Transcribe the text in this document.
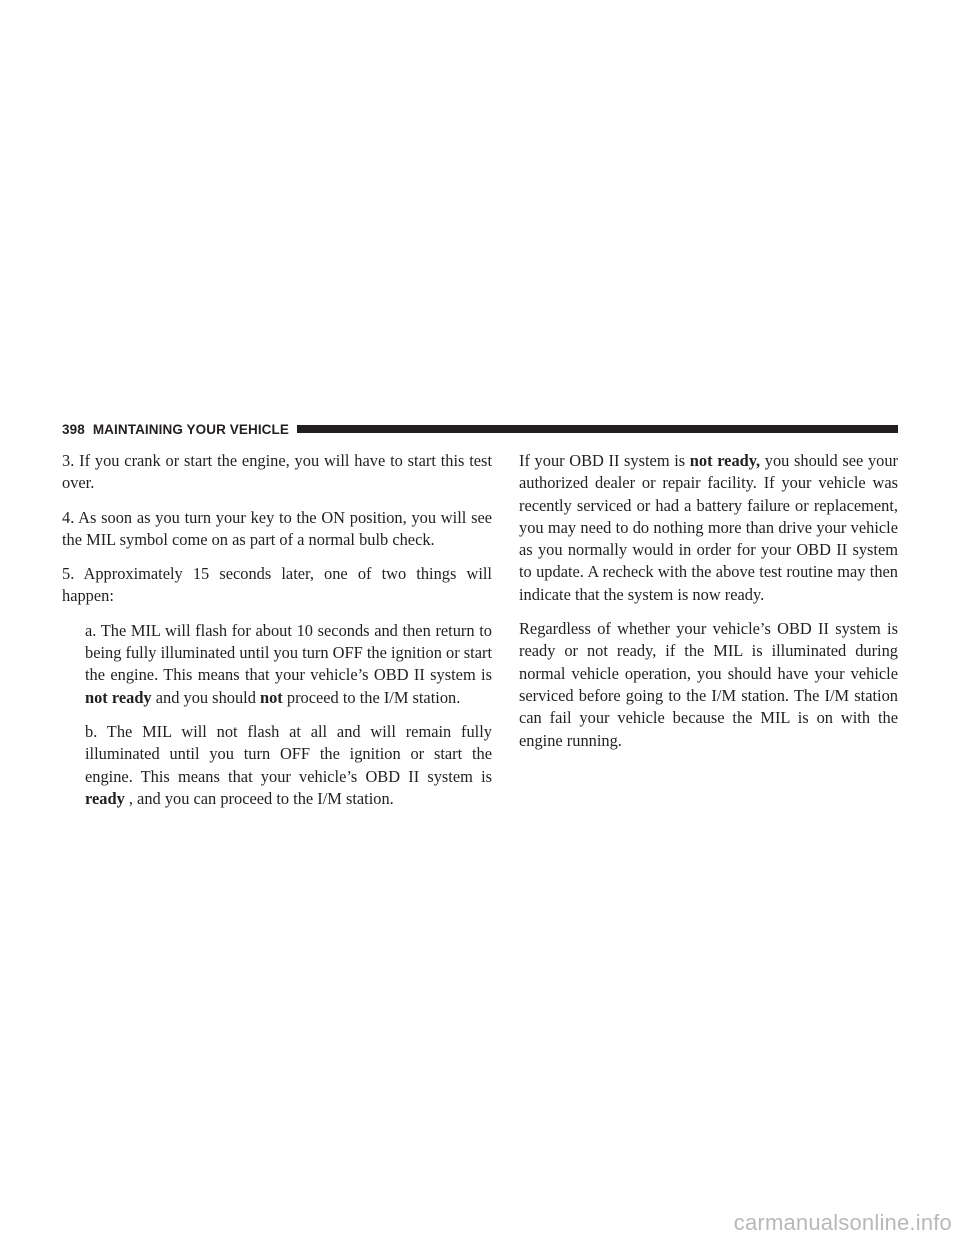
398 MAINTAINING YOUR VEHICLE

3. If you crank or start the engine, you will have to start this test over.

4. As soon as you turn your key to the ON position, you will see the MIL symbol come on as part of a normal bulb check.

5. Approximately 15 seconds later, one of two things will happen:

a. The MIL will flash for about 10 seconds and then return to being fully illuminated until you turn OFF the ignition or start the engine. This means that your vehicle’s OBD II system is not ready and you should not proceed to the I/M station.

b. The MIL will not flash at all and will remain fully illuminated until you turn OFF the ignition or start the engine. This means that your vehicle’s OBD II system is ready , and you can proceed to the I/M station.

If your OBD II system is not ready, you should see your authorized dealer or repair facility. If your vehicle was recently serviced or had a battery failure or replacement, you may need to do nothing more than drive your vehicle as you normally would in order for your OBD II system to update. A recheck with the above test routine may then indicate that the system is now ready.

Regardless of whether your vehicle’s OBD II system is ready or not ready, if the MIL is illuminated during normal vehicle operation, you should have your vehicle serviced before going to the I/M station. The I/M station can fail your vehicle because the MIL is on with the engine running.

carmanualsonline.info
